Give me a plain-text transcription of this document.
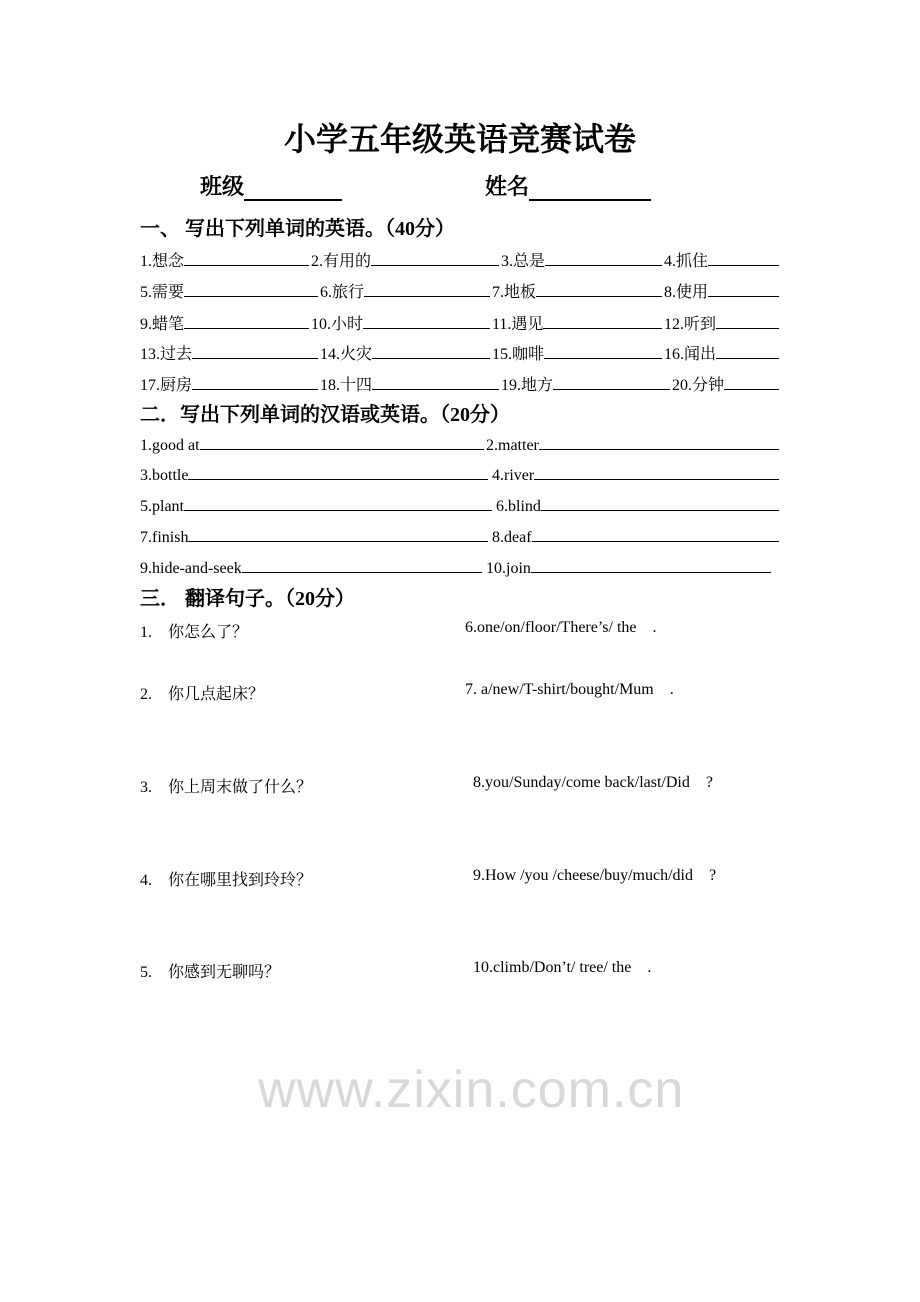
www.zixin.com.cn
小学五年级英语竞赛试卷
班级	姓名
一、 写出下列单词的英语。（40分）
1.想念	2.有用的	3.总是	4.抓住
5.需要	6.旅行	7.地板	8.使用
9.蜡笔	10.小时	11.遇见	12.听到
13.过去	14.火灾	15.咖啡	16.闻出
17.厨房	18.十四	19.地方	20.分钟
二．写出下列单词的汉语或英语。（20分）
1.good at	2.matter
3.bottle	4.river
5.plant	6.blind
7.finish	8.deaf
9.hide-and-seek	10.join
三． 翻译句子。（20分）
1. 你怎么了？	6.one/on/floor/There’s/ the    .
2. 你几点起床？	7. a/new/T-shirt/bought/Mum    .
3. 你上周末做了什么？	8.you/Sunday/come back/last/Did    ?
4. 你在哪里找到玲玲？	9.How /you /cheese/buy/much/did    ?
5. 你感到无聊吗？	10.climb/Don’t/ tree/ the    .
